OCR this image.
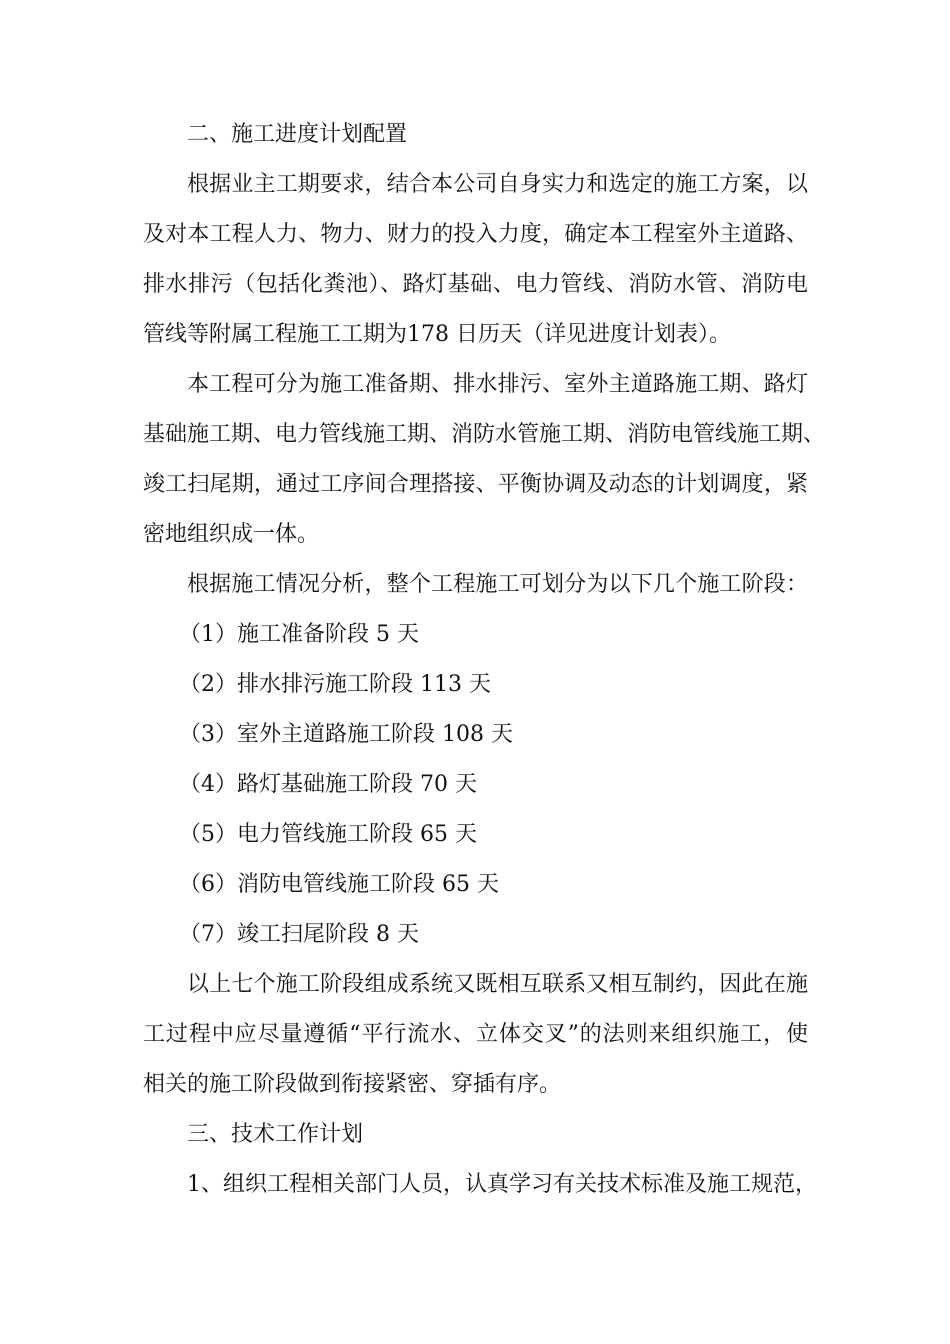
二、施工进度计划配置
根据业主工期要求，结合本公司自身实力和选定的施工方案，以
及对本工程人力、物力、财力的投入力度，确定本工程室外主道路、
排水排污（包括化粪池）、路灯基础、电力管线、消防水管、消防电
管线等附属工程施工工期为178 日历天（详见进度计划表）。
本工程可分为施工准备期、排水排污、室外主道路施工期、路灯
基础施工期、电力管线施工期、消防水管施工期、消防电管线施工期、
竣工扫尾期，通过工序间合理搭接、平衡协调及动态的计划调度，紧
密地组织成一体。
根据施工情况分析，整个工程施工可划分为以下几个施工阶段：
（1）施工准备阶段 5 天
（2）排水排污施工阶段 113 天
（3）室外主道路施工阶段 108 天
（4）路灯基础施工阶段 70 天
（5）电力管线施工阶段 65 天
（6）消防电管线施工阶段 65 天
（7）竣工扫尾阶段 8 天
以上七个施工阶段组成系统又既相互联系又相互制约，因此在施
工过程中应尽量遵循“平行流水、立体交叉”的法则来组织施工，使
相关的施工阶段做到衔接紧密、穿插有序。
三、技术工作计划
1、组织工程相关部门人员，认真学习有关技术标准及施工规范，
